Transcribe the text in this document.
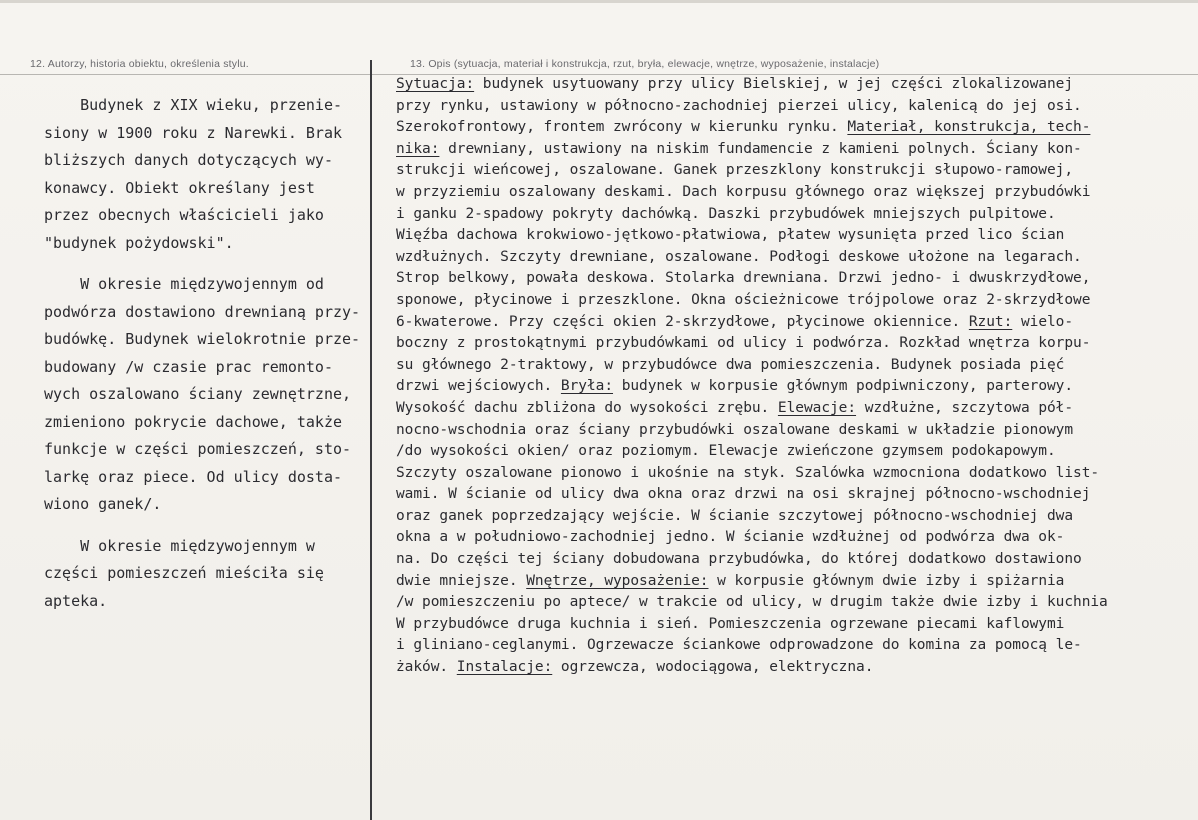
12. Autorzy, historia obiektu, określenia stylu.	13. Opis (sytuacja, materiał i konstrukcja, rzut, bryła, elewacje, wnętrze, wyposażenie, instalacje)
Budynek z XIX wieku, przenie-
siony w 1900 roku z Narewki. Brak
bliższych danych dotyczących wy-
konawcy. Obiekt określany jest
przez obecnych właścicieli jako
"budynek pożydowski".
W okresie międzywojennym od
podwórza dostawiono drewnianą przy-
budówkę. Budynek wielokrotnie prze-
budowany /w czasie prac remonto-
wych oszalowano ściany zewnętrzne,
zmieniono pokrycie dachowe, także
funkcje w części pomieszczeń, sto-
larkę oraz piece. Od ulicy dosta-
wiono ganek/.
W okresie międzywojennym w
części pomieszczeń mieściła się
apteka.
Sytuacja: budynek usytuowany przy ulicy Bielskiej, w jej części zlokalizowanej
przy rynku, ustawiony w północno-zachodniej pierzei ulicy, kalenicą do jej osi.
Szerokofrontowy, frontem zwrócony w kierunku rynku. Materiał, konstrukcja, tech-
nika: drewniany, ustawiony na niskim fundamencie z kamieni polnych. Ściany kon-
strukcji wieńcowej, oszalowane. Ganek przeszklony konstrukcji słupowo-ramowej,
w przyziemiu oszalowany deskami. Dach korpusu głównego oraz większej przybudówki
i ganku 2-spadowy pokryty dachówką. Daszki przybudówek mniejszych pulpitowe.
Więźba dachowa krokwiowo-jętkowo-płatwiowa, płatew wysunięta przed lico ścian
wzdłużnych. Szczyty drewniane, oszalowane. Podłogi deskowe ułożone na legarach.
Strop belkowy, powała deskowa. Stolarka drewniana. Drzwi jedno- i dwuskrzydłowe,
sponowe, płycinowe i przeszklone. Okna ościeżnicowe trójpolowe oraz 2-skrzydłowe
6-kwaterowe. Przy części okien 2-skrzydłowe, płycinowe okiennice. Rzut: wielo-
boczny z prostokątnymi przybudówkami od ulicy i podwórza. Rozkład wnętrza korpu-
su głównego 2-traktowy, w przybudówce dwa pomieszczenia. Budynek posiada pięć
drzwi wejściowych. Bryła: budynek w korpusie głównym podpiwniczony, parterowy.
Wysokość dachu zbliżona do wysokości zrębu. Elewacje: wzdłużne, szczytowa pół-
nocno-wschodnia oraz ściany przybudówki oszalowane deskami w układzie pionowym
/do wysokości okien/ oraz poziomym. Elewacje zwieńczone gzymsem podokapowym.
Szczyty oszalowane pionowo i ukośnie na styk. Szalówka wzmocniona dodatkowo list-
wami. W ścianie od ulicy dwa okna oraz drzwi na osi skrajnej północno-wschodniej
oraz ganek poprzedzający wejście. W ścianie szczytowej północno-wschodniej dwa
okna a w południowo-zachodniej jedno. W ścianie wzdłużnej od podwórza dwa ok-
na. Do części tej ściany dobudowana przybudówka, do której dodatkowo dostawiono
dwie mniejsze. Wnętrze, wyposażenie: w korpusie głównym dwie izby i spiżarnia
/w pomieszczeniu po aptece/ w trakcie od ulicy, w drugim także dwie izby i kuchnia
W przybudówce druga kuchnia i sień. Pomieszczenia ogrzewane piecami kaflowymi
i gliniano-ceglanymi. Ogrzewacze ściankowe odprowadzone do komina za pomocą le-
żaków. Instalacje: ogrzewcza, wodociągowa, elektryczna.
